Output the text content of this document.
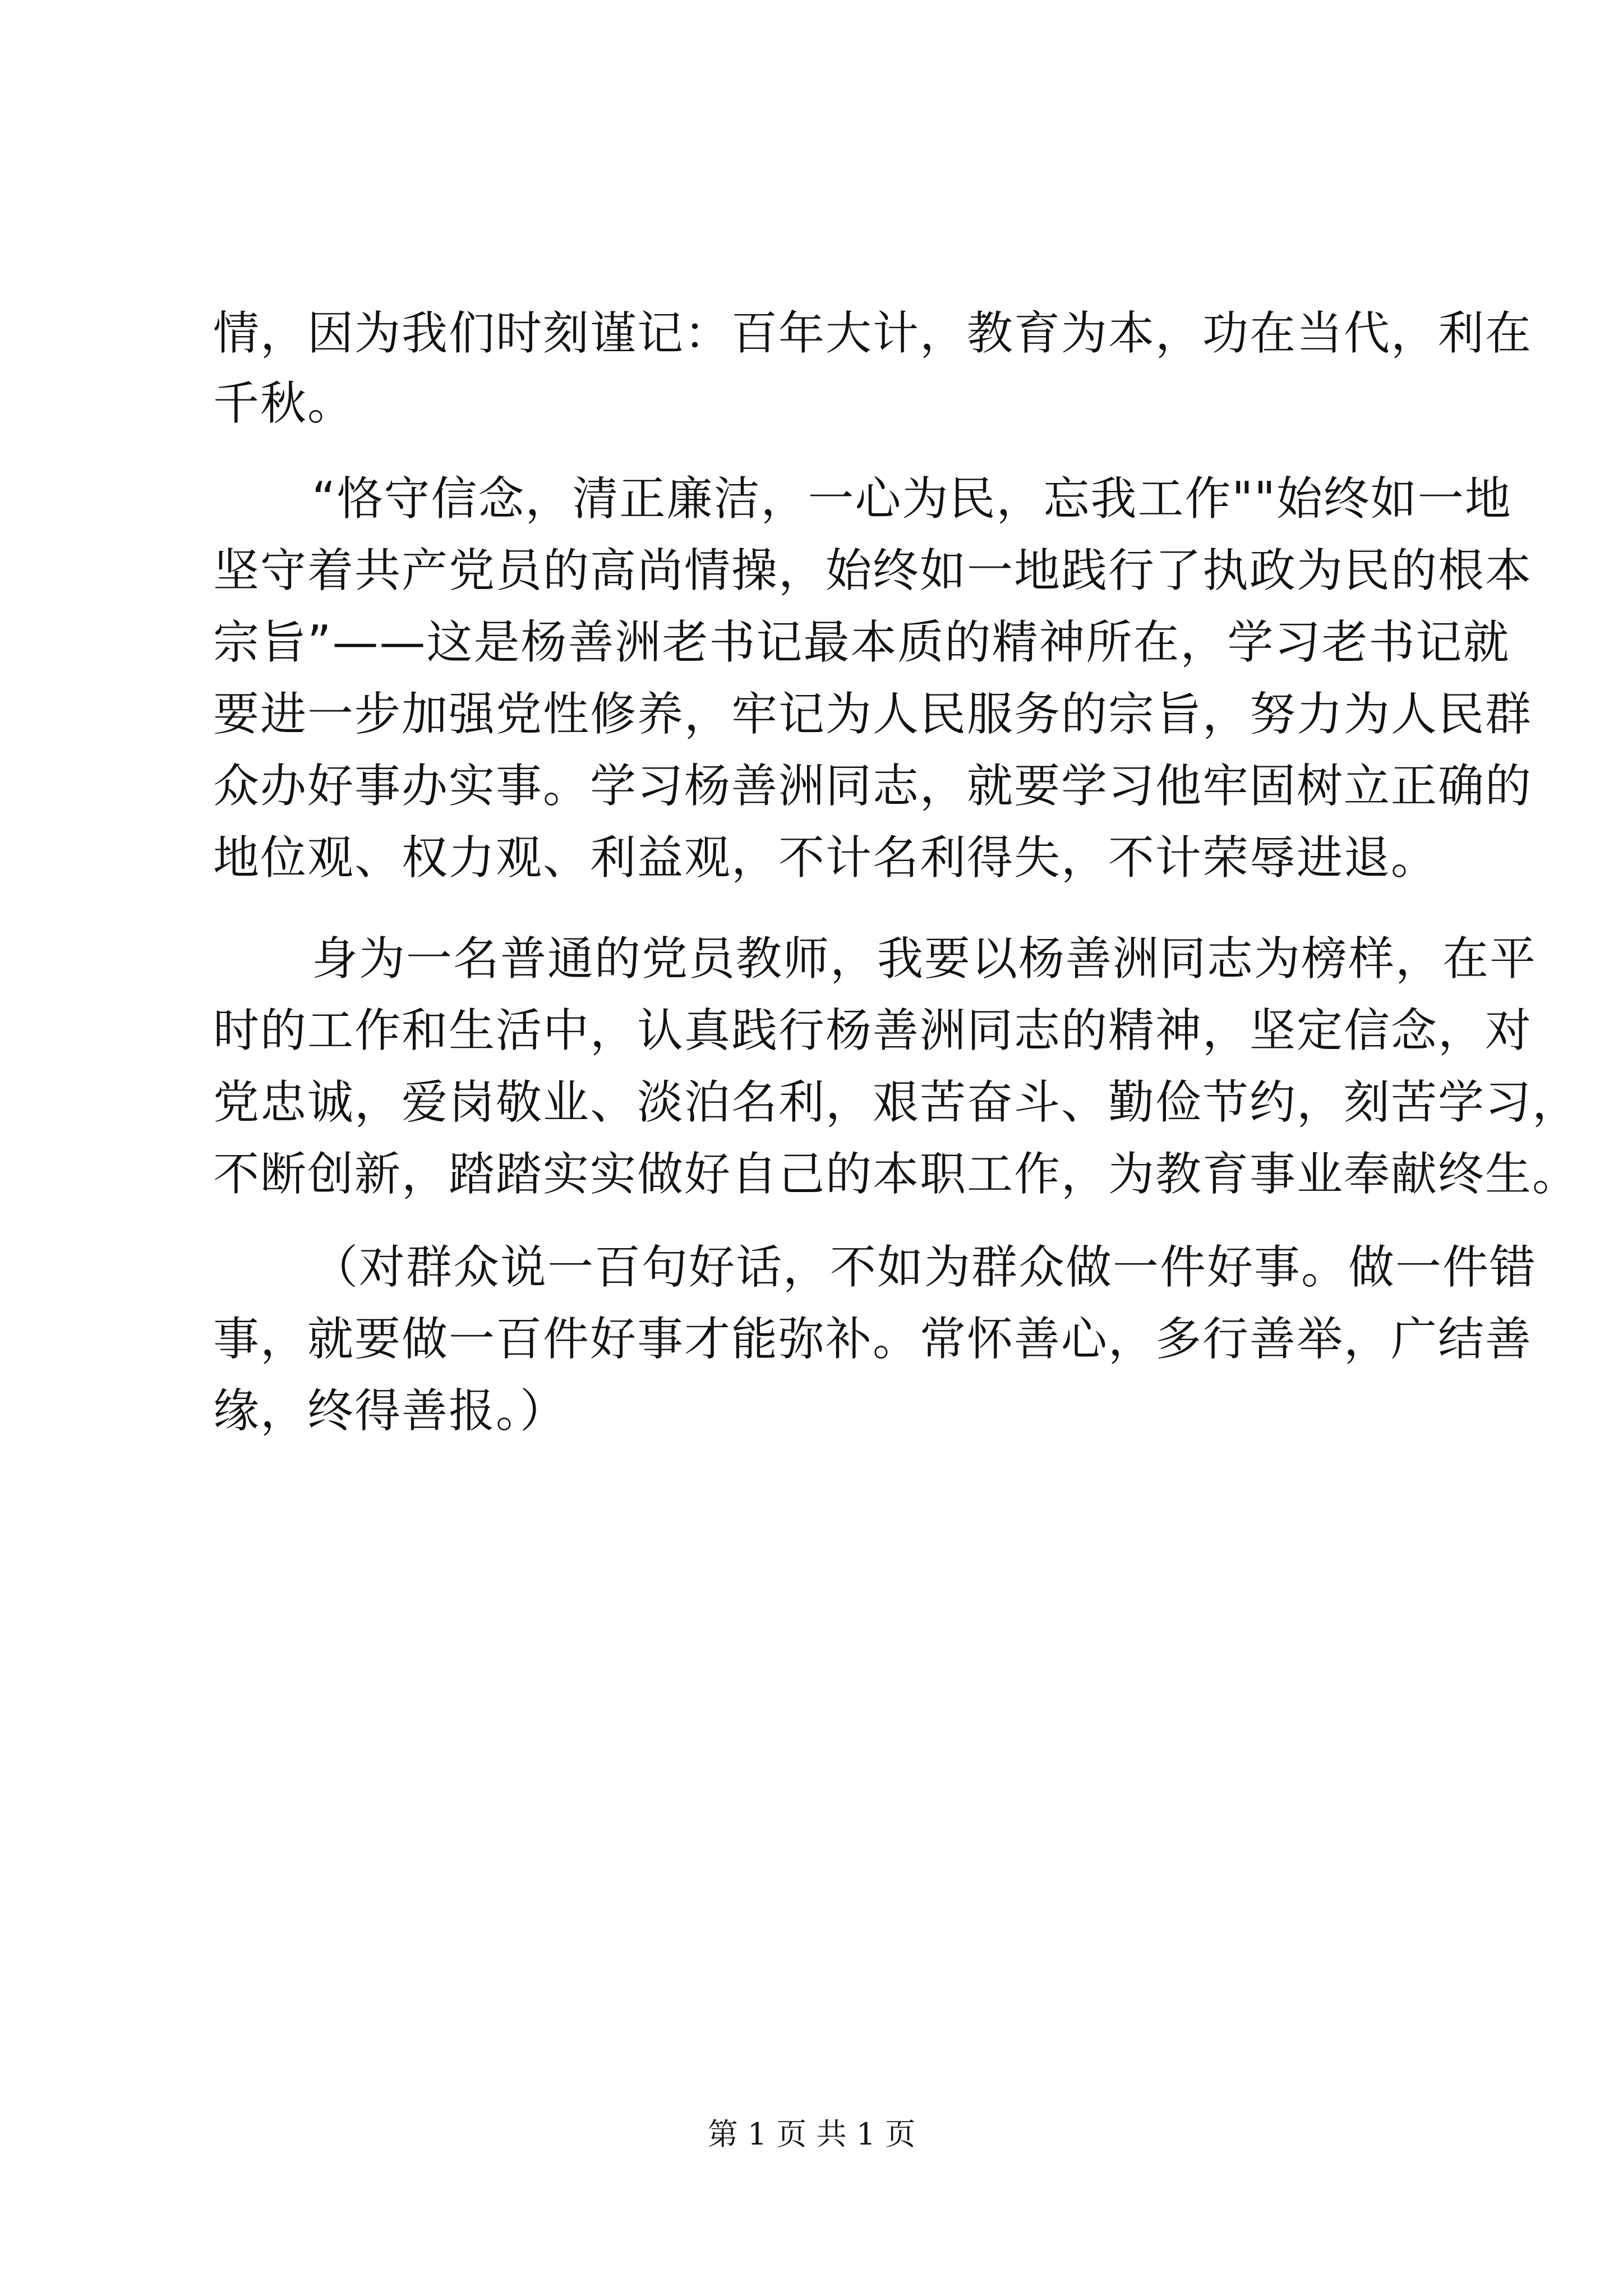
情，因为我们时刻谨记：百年大计，教育为本，功在当代，利在
千秋。
“恪守信念，清正廉洁，一心为民，忘我工作""始终如一地
坚守着共产党员的高尚情操，始终如一地践行了执政为民的根本
宗旨”——这是杨善洲老书记最本质的精神所在，学习老书记就
要进一步加强党性修养，牢记为人民服务的宗旨，努力为人民群
众办好事办实事。学习杨善洲同志，就要学习他牢固树立正确的
地位观、权力观、利益观，不计名利得失，不计荣辱进退。
身为一名普通的党员教师，我要以杨善洲同志为榜样，在平
时的工作和生活中，认真践行杨善洲同志的精神，坚定信念，对
党忠诚，爱岗敬业、淡泊名利，艰苦奋斗、勤俭节约，刻苦学习，
不断创新，踏踏实实做好自己的本职工作，为教育事业奉献终生。
（对群众说一百句好话，不如为群众做一件好事。做一件错
事，就要做一百件好事才能弥补。常怀善心，多行善举，广结善
缘，终得善报。）
第 1 页 共 1 页
